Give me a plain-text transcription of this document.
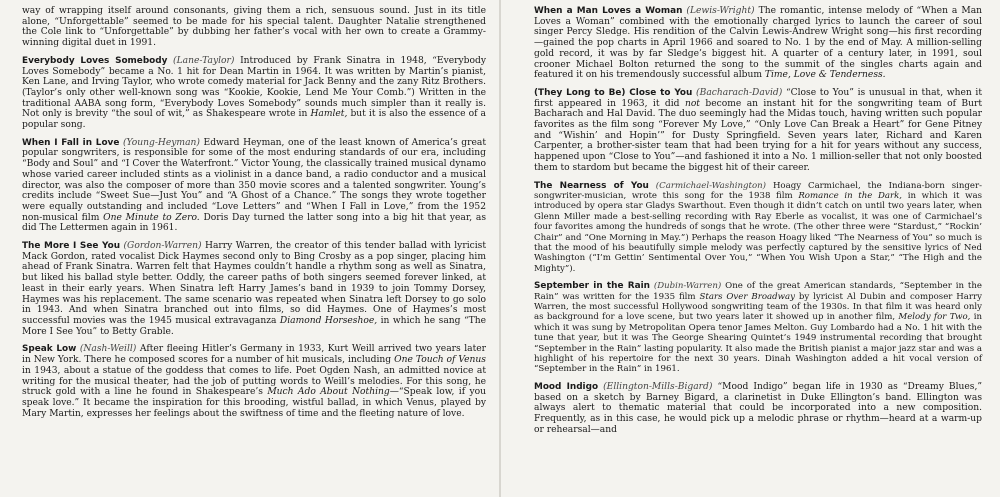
way of wrapping itself around consonants, giving them a rich, sensuous sound. Just in its title alone, “Unforgettable” seemed to be made for his special talent. Daughter Natalie strengthened the Cole link to “Unforgettable” by dubbing her father’s vocal with her own to create a Grammy-winning digital duet in 1991.

Everybody Loves Somebody (Lane-Taylor) Introduced by Frank Sinatra in 1948, “Everybody Loves Somebody” became a No. 1 hit for Dean Martin in 1964. It was written by Martin’s pianist, Ken Lane, and Irving Taylor, who wrote comedy material for Jack Benny and the zany Ritz Brothers. (Taylor’s only other well-known song was “Kookie, Kookie, Lend Me Your Comb.”) Written in the traditional AABA song form, “Everybody Loves Somebody” sounds much simpler than it really is. Not only is brevity “the soul of wit,” as Shakespeare wrote in Hamlet, but it is also the essence of a popular song.

When I Fall in Love (Young-Heyman) Edward Heyman, one of the least known of America’s great popular songwriters, is responsible for some of the most enduring standards of our era, including “Body and Soul” and “I Cover the Waterfront.” Victor Young, the classically trained musical dynamo whose varied career included stints as a violinist in a dance band, a radio conductor and a musical director, was also the composer of more than 350 movie scores and a talented songwriter. Young’s credits include “Sweet Sue—Just You” and “A Ghost of a Chance.” The songs they wrote together were equally outstanding and included “Love Letters” and “When I Fall in Love,” from the 1952 non-musical film One Minute to Zero. Doris Day turned the latter song into a big hit that year, as did The Lettermen again in 1961.

The More I See You (Gordon-Warren) Harry Warren, the creator of this tender ballad with lyricist Mack Gordon, rated vocalist Dick Haymes second only to Bing Crosby as a pop singer, placing him ahead of Frank Sinatra. Warren felt that Haymes couldn’t handle a rhythm song as well as Sinatra, but liked his ballad style better. Oddly, the career paths of both singers seemed forever linked, at least in their early years. When Sinatra left Harry James’s band in 1939 to join Tommy Dorsey, Haymes was his replacement. The same scenario was repeated when Sinatra left Dorsey to go solo in 1943. And when Sinatra branched out into films, so did Haymes. One of Haymes’s most successful movies was the 1945 musical extravaganza Diamond Horseshoe, in which he sang “The More I See You” to Betty Grable.

Speak Low (Nash-Weill) After fleeing Hitler’s Germany in 1933, Kurt Weill arrived two years later in New York. There he composed scores for a number of hit musicals, including One Touch of Venus in 1943, about a statue of the goddess that comes to life. Poet Ogden Nash, an admitted novice at writing for the musical theater, had the job of putting words to Weill’s melodies. For this song, he struck gold with a line he found in Shakespeare’s Much Ado About Nothing—“Speak low, if you speak love.” It became the inspiration for this brooding, wistful ballad, in which Venus, played by Mary Martin, expresses her feelings about the swiftness of time and the fleeting nature of love.

When a Man Loves a Woman (Lewis-Wright) The romantic, intense melody of “When a Man Loves a Woman” combined with the emotionally charged lyrics to launch the career of soul singer Percy Sledge. His rendition of the Calvin Lewis-Andrew Wright song—his first recording—gained the pop charts in April 1966 and soared to No. 1 by the end of May. A million-selling gold record, it was by far Sledge’s biggest hit. A quarter of a century later, in 1991, soul crooner Michael Bolton returned the song to the summit of the singles charts again and featured it on his tremendously successful album Time, Love & Tenderness.

(They Long to Be) Close to You (Bacharach-David) “Close to You” is unusual in that, when it first appeared in 1963, it did not become an instant hit for the songwriting team of Burt Bacharach and Hal David. The duo seemingly had the Midas touch, having written such popular favorites as the film song “Forever My Love,” “Only Love Can Break a Heart” for Gene Pitney and “Wishin’ and Hopin’” for Dusty Springfield. Seven years later, Richard and Karen Carpenter, a brother-sister team that had been trying for a hit for years without any success, happened upon “Close to You”—and fashioned it into a No. 1 million-seller that not only boosted them to stardom but became the biggest hit of their career.

The Nearness of You (Carmichael-Washington) Hoagy Carmichael, the Indiana-born singer-songwriter-musician, wrote this song for the 1938 film Romance in the Dark, in which it was introduced by opera star Gladys Swarthout. Even though it didn’t catch on until two years later, when Glenn Miller made a best-selling recording with Ray Eberle as vocalist, it was one of Carmichael’s four favorites among the hundreds of songs that he wrote. (The other three were “Stardust,” “Rockin’ Chair” and “One Morning in May.”) Perhaps the reason Hoagy liked “The Nearness of You” so much is that the mood of his beautifully simple melody was perfectly captured by the sensitive lyrics of Ned Washington (“I’m Gettin’ Sentimental Over You,” “When You Wish Upon a Star,” “The High and the Mighty”).

September in the Rain (Dubin-Warren) One of the great American standards, “September in the Rain” was written for the 1935 film Stars Over Broadway by lyricist Al Dubin and composer Harry Warren, the most successful Hollywood songwriting team of the 1930s. In that film it was heard only as background for a love scene, but two years later it showed up in another film, Melody for Two, in which it was sung by Metropolitan Opera tenor James Melton. Guy Lombardo had a No. 1 hit with the tune that year, but it was The George Shearing Quintet’s 1949 instrumental recording that brought “September in the Rain” lasting popularity. It also made the British pianist a major jazz star and was a highlight of his repertoire for the next 30 years. Dinah Washington added a hit vocal version of “September in the Rain” in 1961.

Mood Indigo (Ellington-Mills-Bigard) “Mood Indigo” began life in 1930 as “Dreamy Blues,” based on a sketch by Barney Bigard, a clarinetist in Duke Ellington’s band. Ellington was always alert to thematic material that could be incorporated into a new composition. Frequently, as in this case, he would pick up a melodic phrase or rhythm—heard at a warm-up or rehearsal—and
